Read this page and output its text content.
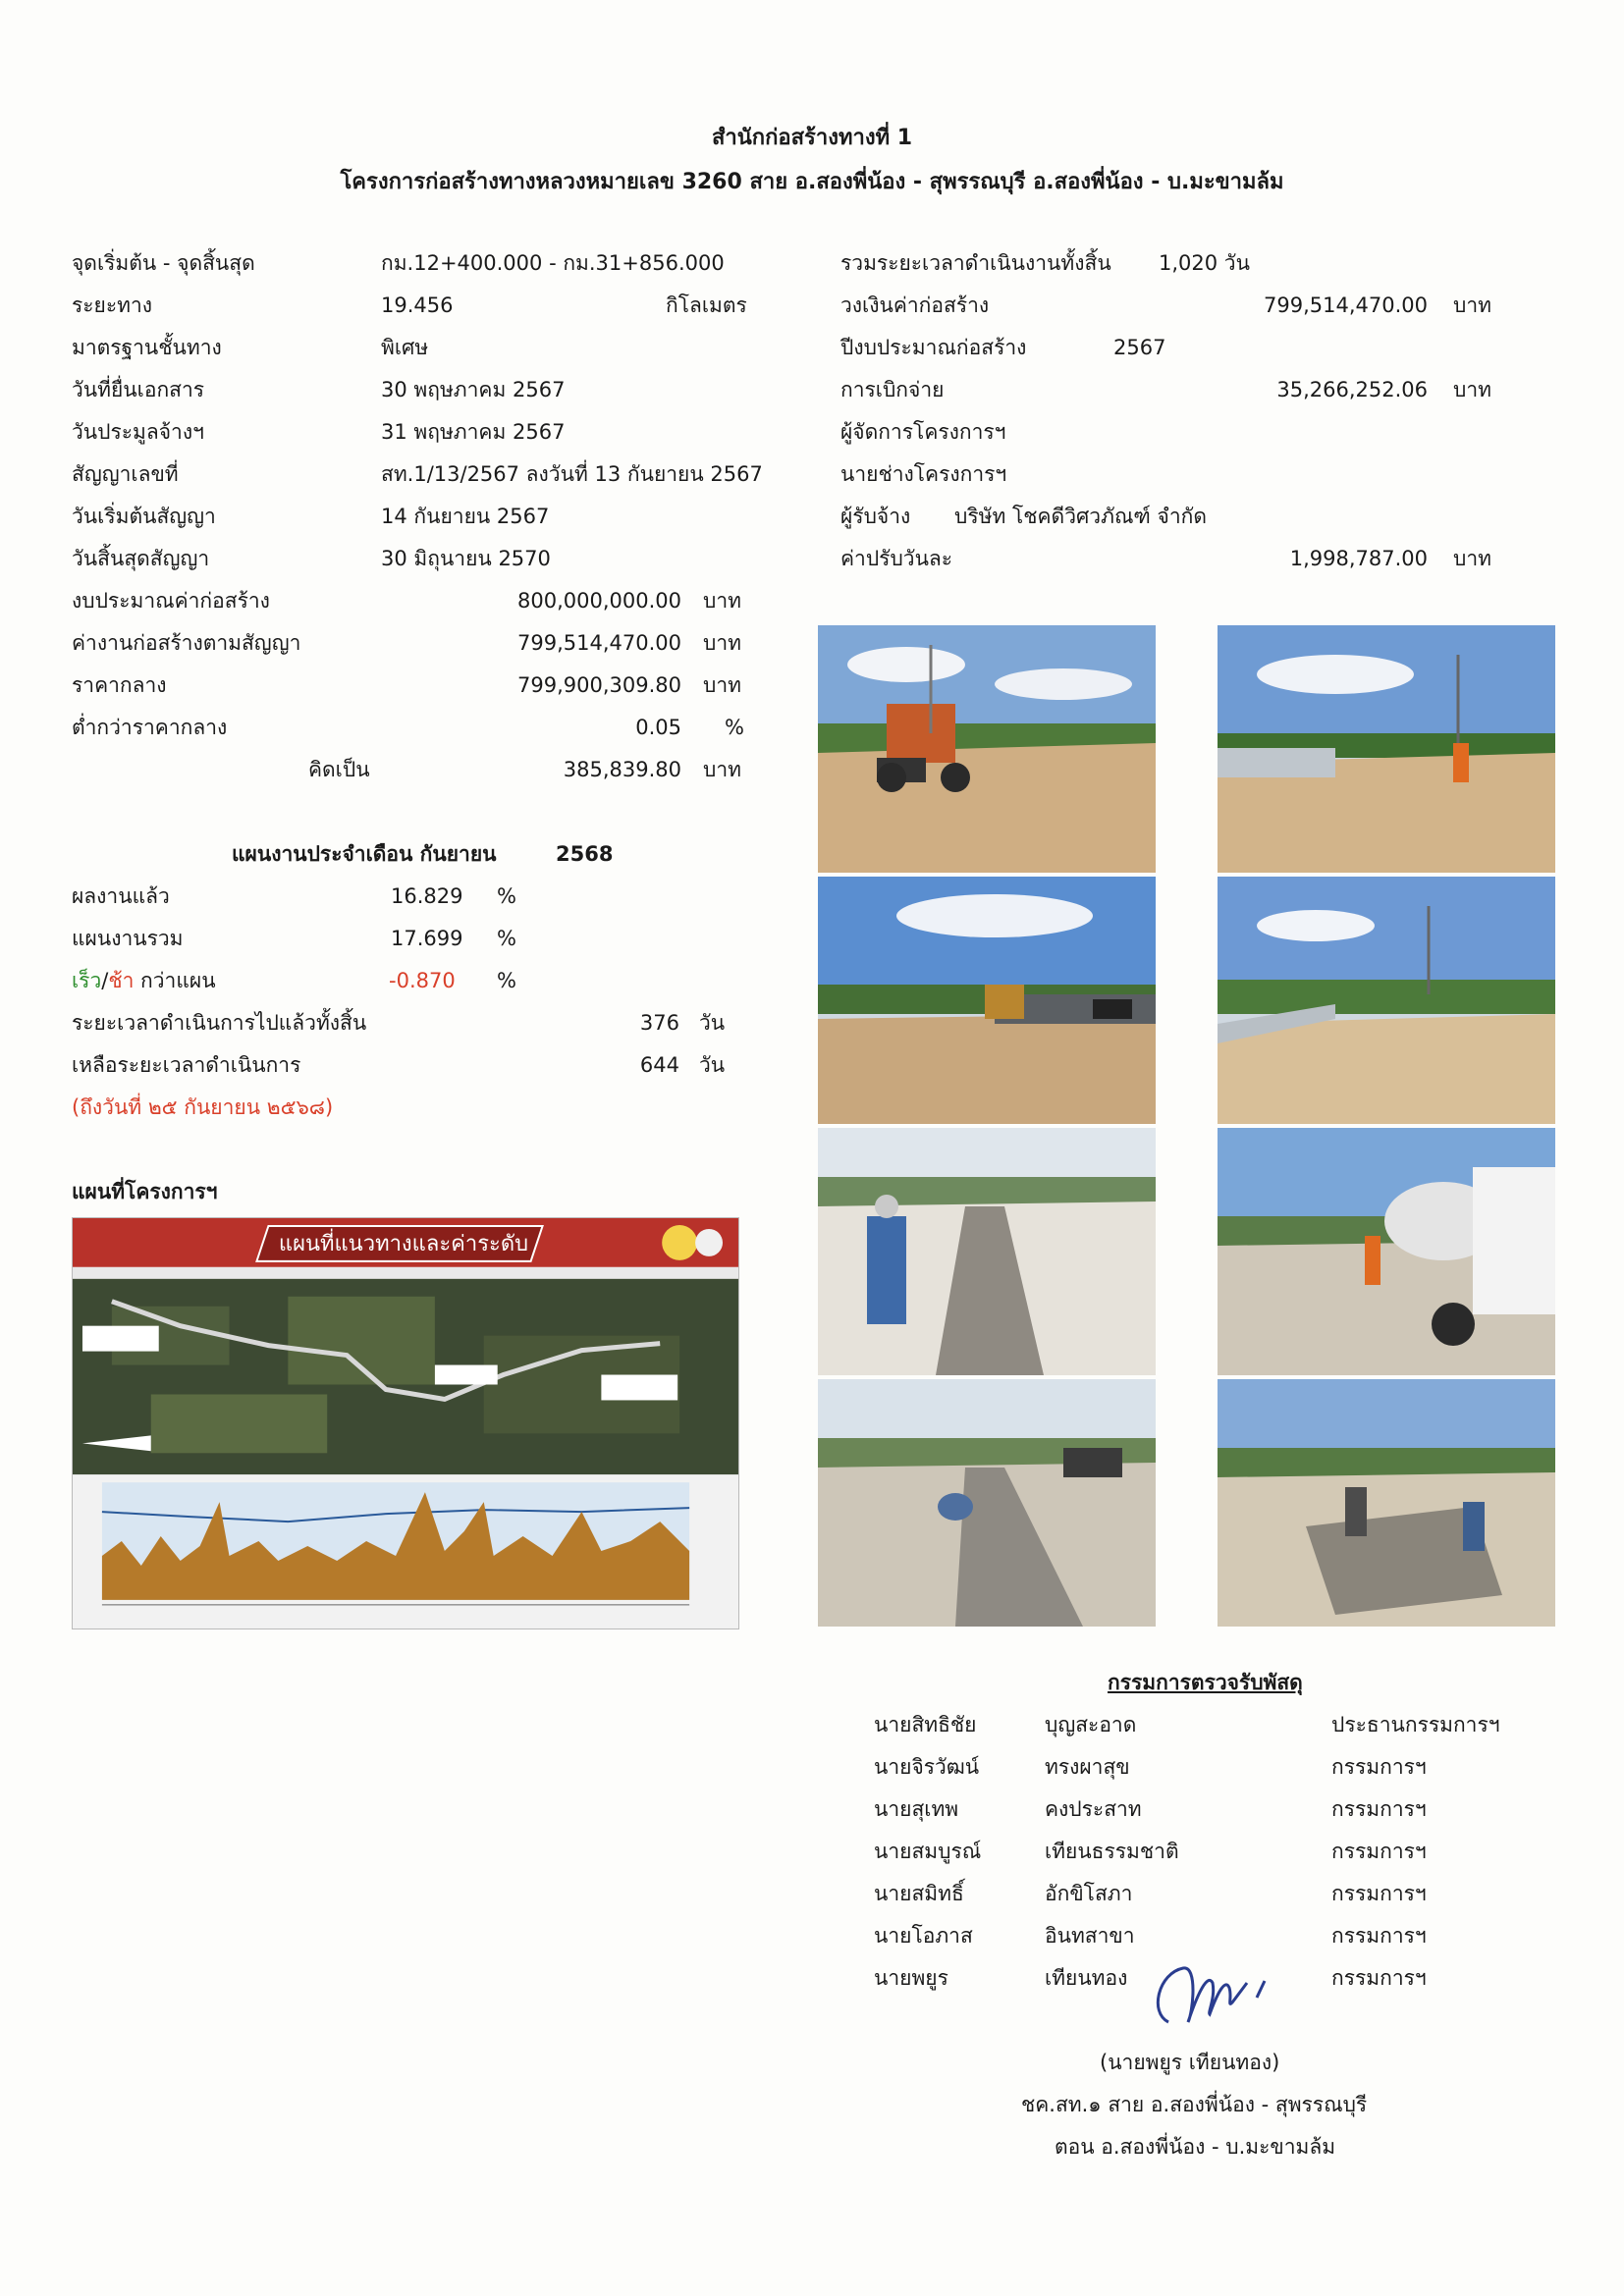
สำนักก่อสร้างทางที่ 1
โครงการก่อสร้างทางหลวงหมายเลข 3260 สาย อ.สองพี่น้อง - สุพรรณบุรี อ.สองพี่น้อง - บ.มะขามล้ม
จุดเริ่มต้น - จุดสิ้นสุด	กม.12+400.000 - กม.31+856.000
ระยะทาง	19.456	กิโลเมตร
มาตรฐานชั้นทาง	พิเศษ
วันที่ยื่นเอกสาร	30 พฤษภาคม 2567
วันประมูลจ้างฯ	31 พฤษภาคม 2567
สัญญาเลขที่	สท.1/13/2567 ลงวันที่ 13 กันยายน 2567
วันเริ่มต้นสัญญา	14 กันยายน 2567
วันสิ้นสุดสัญญา	30 มิถุนายน 2570
งบประมาณค่าก่อสร้าง	800,000,000.00 บาท
ค่างานก่อสร้างตามสัญญา	799,514,470.00 บาท
ราคากลาง	799,900,309.80 บาท
ต่ำกว่าราคากลาง	0.05 %
คิดเป็น	385,839.80 บาท
รวมระยะเวลาดำเนินงานทั้งสิ้น 1,020 วัน
วงเงินค่าก่อสร้าง	799,514,470.00 บาท
ปีงบประมาณก่อสร้าง	2567
การเบิกจ่าย	35,266,252.06 บาท
ผู้จัดการโครงการฯ
นายช่างโครงการฯ
ผู้รับจ้าง บริษัท โชคดีวิศวภัณฑ์ จำกัด
ค่าปรับวันละ	1,998,787.00 บาท
แผนงานประจำเดือน กันยายน	2568
ผลงานแล้ว	16.829 %
แผนงานรวม	17.699 %
เร็ว/ช้า กว่าแผน	-0.870 %
ระยะเวลาดำเนินการไปแล้วทั้งสิ้น	376 วัน
เหลือระยะเวลาดำเนินการ	644 วัน
(ถึงวันที่ ๒๕ กันยายน ๒๕๖๘)
แผนที่โครงการฯ
แผนที่แนวทางและค่าระดับ
กรรมการตรวจรับพัสดุ
นายสิทธิชัย	บุญสะอาด	ประธานกรรมการฯ
นายจิรวัฒน์	ทรงผาสุข	กรรมการฯ
นายสุเทพ	คงประสาท	กรรมการฯ
นายสมบูรณ์	เทียนธรรมชาติ	กรรมการฯ
นายสมิทธิ์	อักขิโสภา	กรรมการฯ
นายโอภาส	อินทสาขา	กรรมการฯ
นายพยูร	เทียนทอง	กรรมการฯ
(นายพยูร เทียนทอง)
ชค.สท.๑ สาย อ.สองพี่น้อง - สุพรรณบุรี
ตอน อ.สองพี่น้อง - บ.มะขามล้ม
